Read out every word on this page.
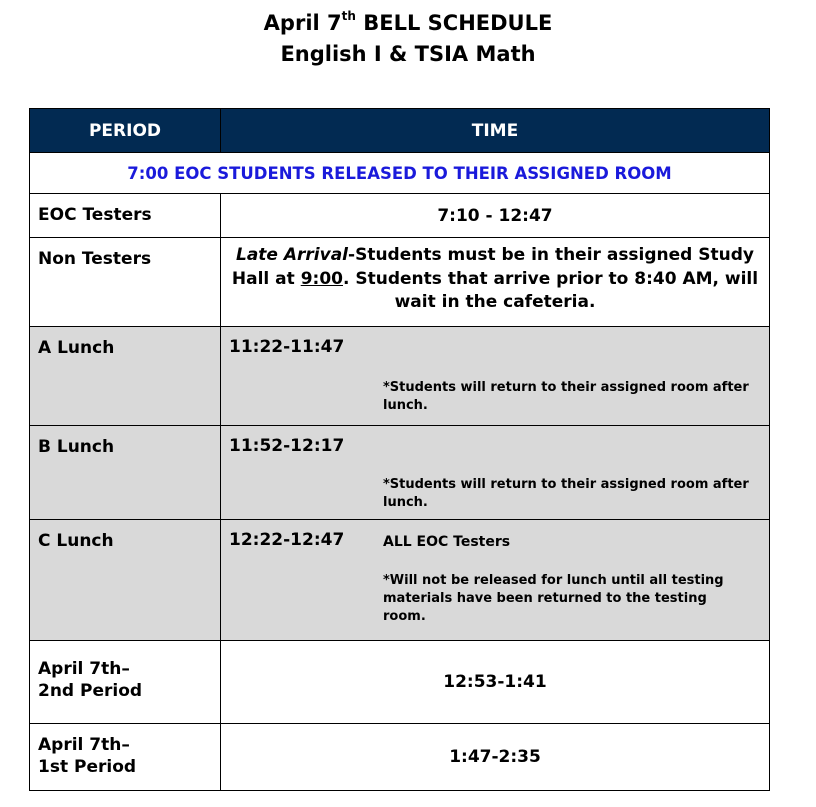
April 7th BELL SCHEDULE
English I & TSIA Math
PERIOD	TIME
7:00 EOC STUDENTS RELEASED TO THEIR ASSIGNED ROOM	
EOC Testers	7:10 - 12:47
Non Testers	Late Arrival-Students must be in their assigned Study Hall at 9:00. Students that arrive prior to 8:40 AM, will wait in the cafeteria.
A Lunch	11:22-11:47
*Students will return to their assigned room after lunch.

B Lunch	11:52-12:17
*Students will return to their assigned room after lunch.

C Lunch	12:22-12:47 ALL EOC Testers
*Will not be released for lunch until all testing materials have been returned to the testing room.

April 7th–
2nd Period	12:53-1:41

April 7th–
1st Period	1:47-2:35
